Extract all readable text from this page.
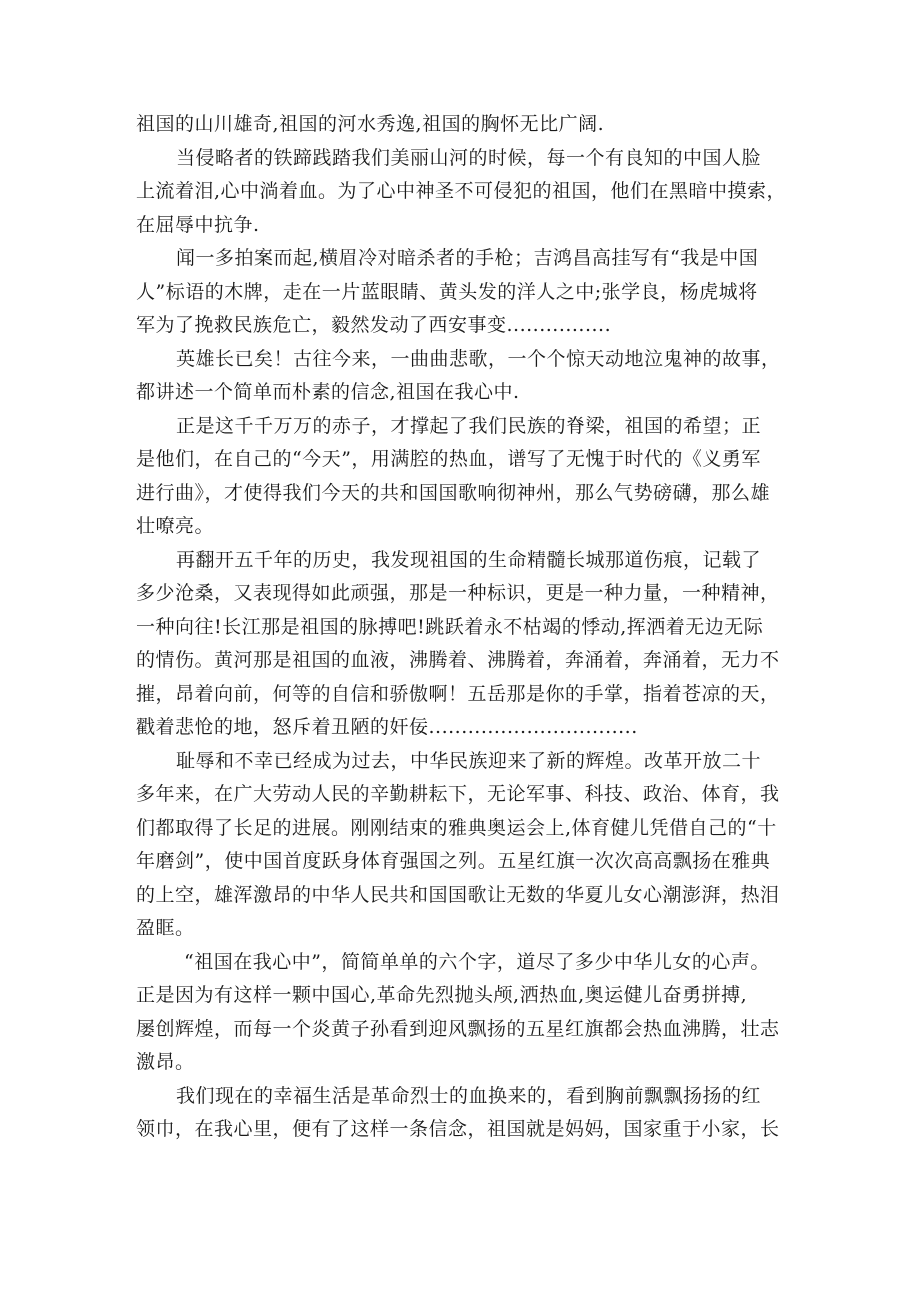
祖国的山川雄奇,祖国的河水秀逸,祖国的胸怀无比广阔.
当侵略者的铁蹄践踏我们美丽山河的时候，每一个有良知的中国人脸
上流着泪,心中淌着血。为了心中神圣不可侵犯的祖国，他们在黑暗中摸索，
在屈辱中抗争.
闻一多拍案而起,横眉冷对暗杀者的手枪；吉鸿昌高挂写有“我是中国
人”标语的木牌，走在一片蓝眼睛、黄头发的洋人之中;张学良，杨虎城将
军为了挽救民族危亡，毅然发动了西安事变................
英雄长已矣！古往今来，一曲曲悲歌，一个个惊天动地泣鬼神的故事，
都讲述一个简单而朴素的信念,祖国在我心中.
正是这千千万万的赤子，才撑起了我们民族的脊梁，祖国的希望；正
是他们，在自己的“今天”，用满腔的热血，谱写了无愧于时代的《义勇军
进行曲》，才使得我们今天的共和国国歌响彻神州，那么气势磅礴，那么雄
壮嘹亮。
再翻开五千年的历史，我发现祖国的生命精髓长城那道伤痕，记载了
多少沧桑，又表现得如此顽强，那是一种标识，更是一种力量，一种精神，
一种向往!长江那是祖国的脉搏吧!跳跃着永不枯竭的悸动,挥洒着无边无际
的情伤。黄河那是祖国的血液，沸腾着、沸腾着，奔涌着，奔涌着，无力不
摧，昂着向前，何等的自信和骄傲啊！五岳那是你的手掌，指着苍凉的天，
戳着悲怆的地，怒斥着丑陋的奸佞................................
耻辱和不幸已经成为过去，中华民族迎来了新的辉煌。改革开放二十
多年来，在广大劳动人民的辛勤耕耘下，无论军事、科技、政治、体育，我
们都取得了长足的进展。刚刚结束的雅典奥运会上,体育健儿凭借自己的“十
年磨剑”，使中国首度跃身体育强国之列。五星红旗一次次高高飘扬在雅典
的上空，雄浑激昂的中华人民共和国国歌让无数的华夏儿女心潮澎湃，热泪
盈眶。
“祖国在我心中”，简简单单的六个字，道尽了多少中华儿女的心声。
正是因为有这样一颗中国心,革命先烈抛头颅,洒热血,奥运健儿奋勇拼搏,
屡创辉煌，而每一个炎黄子孙看到迎风飘扬的五星红旗都会热血沸腾，壮志
激昂。
我们现在的幸福生活是革命烈士的血换来的，看到胸前飘飘扬扬的红
领巾，在我心里，便有了这样一条信念，祖国就是妈妈，国家重于小家，长
